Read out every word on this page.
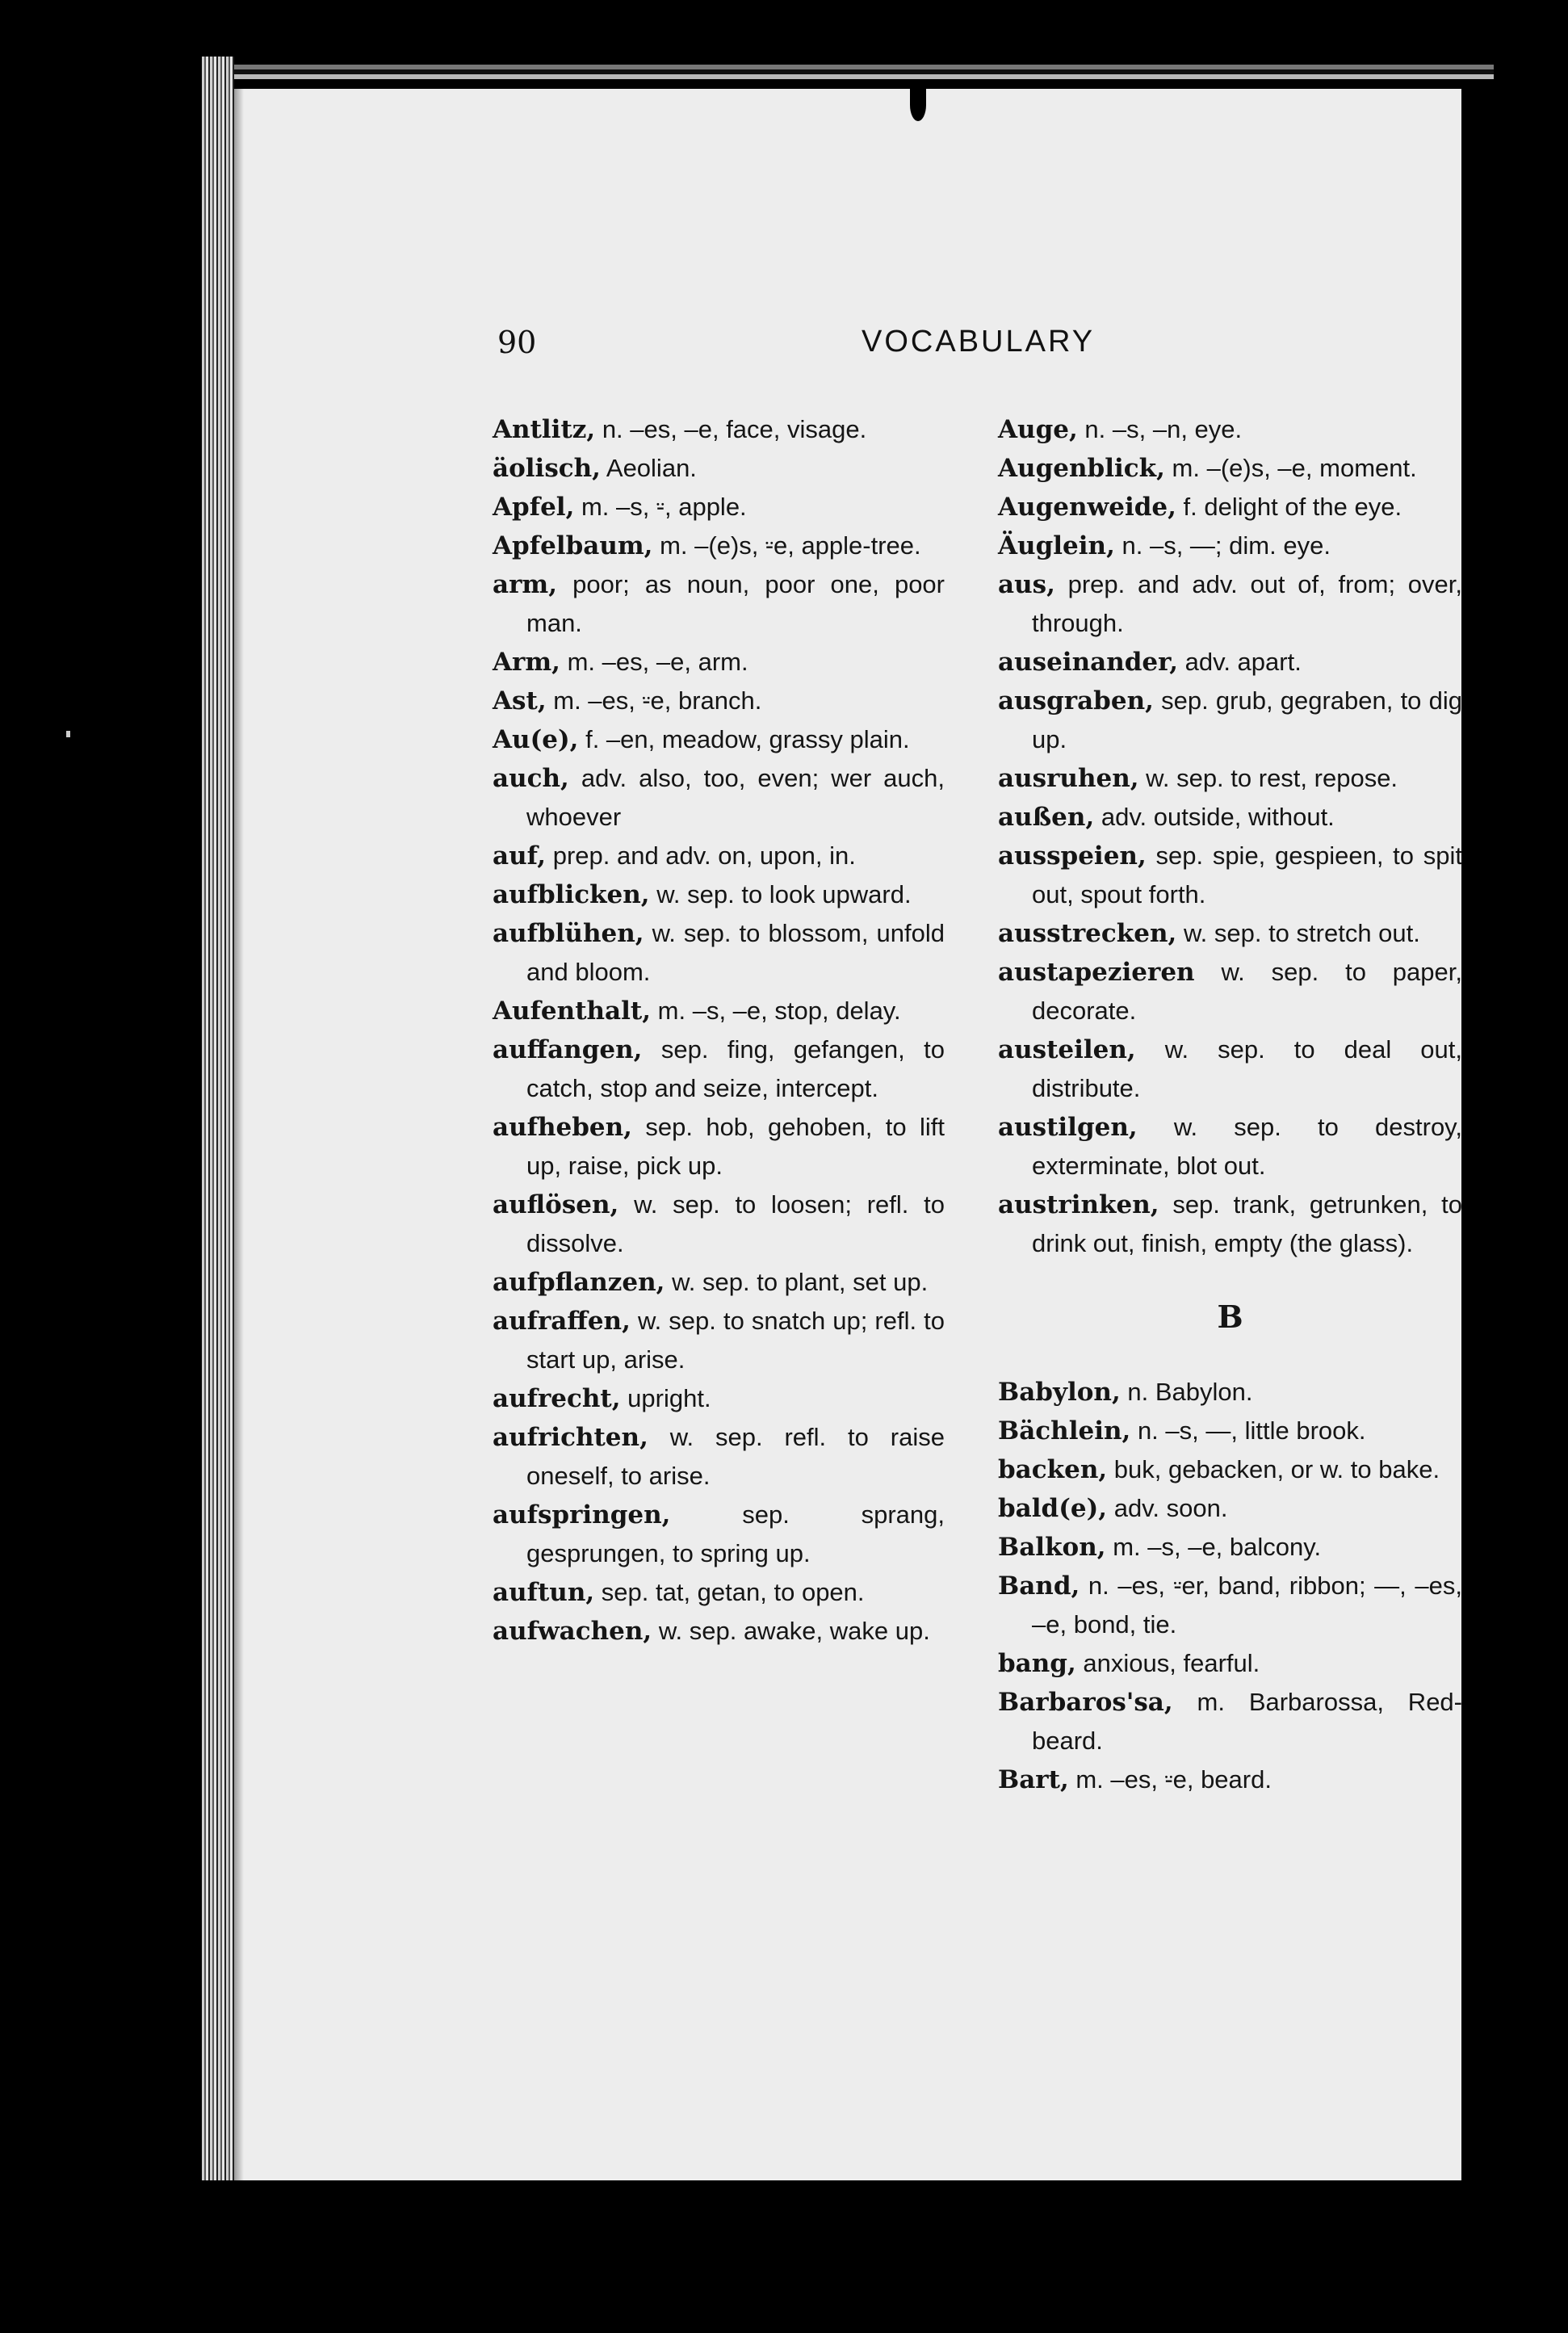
90	VOCABULARY

Antlitz, n. –es, –e, face, visage.

äolisch, Aeolian.

Apfel, m. –s, ⸚, apple.

Apfelbaum, m. –(e)s, ⸚e, apple-tree.

arm, poor; as noun, poor one, poor man.

Arm, m. –es, –e, arm.

Ast, m. –es, ⸚e, branch.

Au(e), f. –en, meadow, grassy plain.

auch, adv. also, too, even; wer auch, whoever

auf, prep. and adv. on, upon, in.

aufblicken, w. sep. to look upward.

aufblühen, w. sep. to blossom, unfold and bloom.

Aufenthalt, m. –s, –e, stop, delay.

auffangen, sep. fing, gefangen, to catch, stop and seize, intercept.

aufheben, sep. hob, gehoben, to lift up, raise, pick up.

auflösen, w. sep. to loosen; refl. to dissolve.

aufpflanzen, w. sep. to plant, set up.

aufraffen, w. sep. to snatch up; refl. to start up, arise.

aufrecht, upright.

aufrichten, w. sep. refl. to raise oneself, to arise.

aufspringen,	sep. sprang, gesprungen, to spring up.

auftun, sep. tat, getan, to open.

aufwachen, w. sep. awake, wake up.

Auge, n. –s, –n, eye.

Augenblick, m. –(e)s, –e, moment.

Augenweide, f. delight of the eye.

Äuglein, n. –s, —; dim. eye.

aus, prep. and adv. out of, from; over, through.

auseinander, adv. apart.

ausgraben, sep. grub, gegraben, to dig up.

ausruhen, w. sep. to rest, repose.

außen, adv. outside, without.

ausspeien, sep. spie, gespieen, to spit out, spout forth.

ausstrecken, w. sep. to stretch out.

austapezieren w. sep. to paper, decorate.

austeilen, w. sep. to deal out, distribute.

austilgen, w. sep. to destroy, exterminate, blot out.

austrinken, sep. trank, getrunken, to drink out, finish, empty (the glass).

B

Babylon, n. Babylon.

Bächlein, n. –s, —, little brook.

backen, buk, gebacken, or w. to bake.

bald(e), adv. soon.

Balkon, m. –s, –e, balcony.

Band, n. –es, ⸚er, band, ribbon; —, –es, –e, bond, tie.

bang, anxious, fearful.

Barbaros'sa, m. Barbarossa, Red-beard.

Bart, m. –es, ⸚e, beard.
